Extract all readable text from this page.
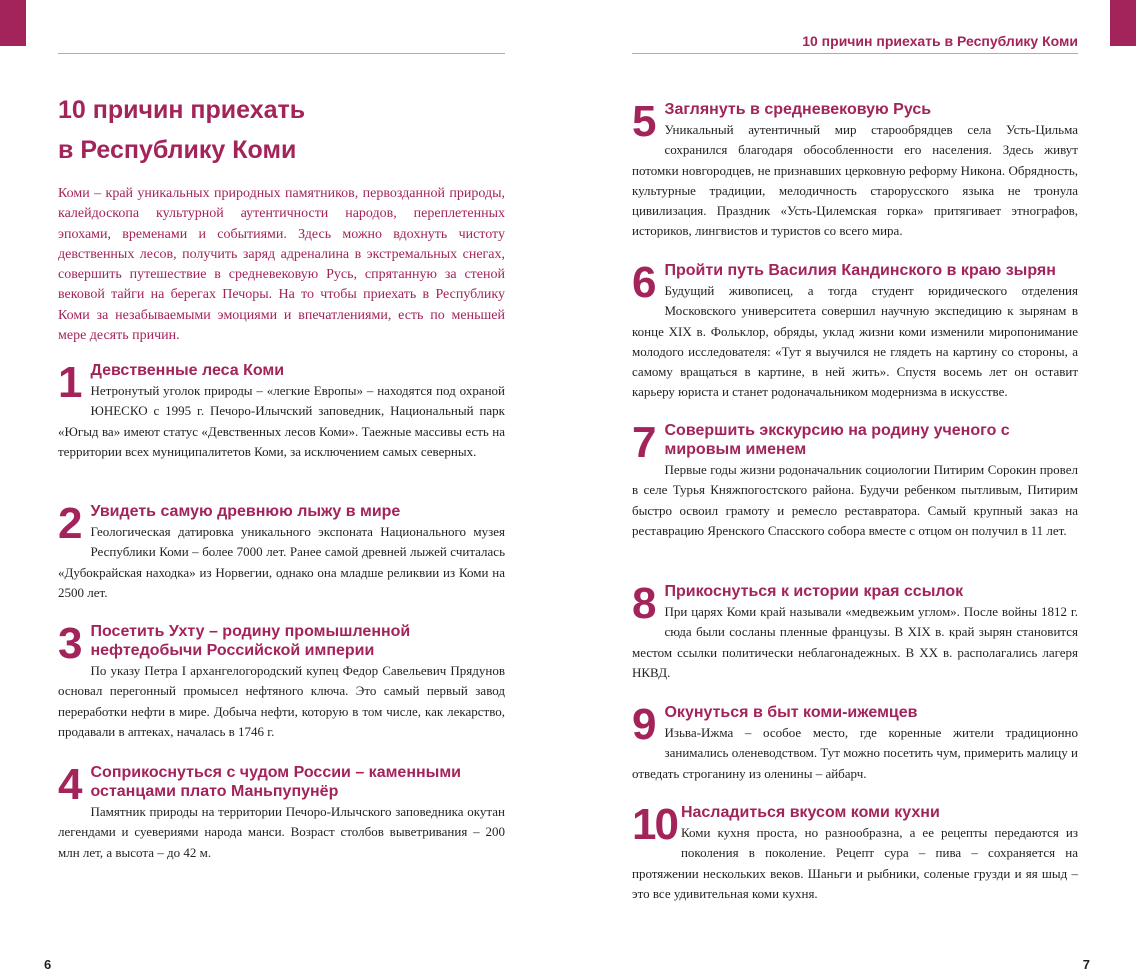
10 причин приехать
в Республику Коми

Коми – край уникальных природных памятников, первозданной природы, калейдоскопа культурной аутентичности народов, переплетенных эпохами, временами и событиями. Здесь можно вдохнуть чистоту девственных лесов, получить заряд адреналина в экстремальных снегах, совершить путешествие в средневековую Русь, спрятанную за стеной вековой тайги на берегах Печоры. На то чтобы приехать в Республику Коми за незабываемыми эмоциями и впечатлениями, есть по меньшей мере десять причин.

1 Девственные леса Коми
Нетронутый уголок природы – «легкие Европы» – находятся под охраной ЮНЕСКО с 1995 г. Печоро-Илычский заповедник, Национальный парк «Югыд ва» имеют статус «Девственных лесов Коми». Таежные массивы есть на территории всех муниципалитетов Коми, за исключением самых северных.
2 Увидеть самую древнюю лыжу в мире
Геологическая датировка уникального экспоната Национального музея Республики Коми – более 7000 лет. Ранее самой древней лыжей считалась «Дубокрайская находка» из Норвегии, однако она младше реликвии из Коми на 2500 лет.
3 Посетить Ухту – родину промышленной нефтедобычи Российской империи
По указу Петра I архангелогородский купец Федор Савельевич Прядунов основал перегонный промысел нефтяного ключа. Это самый первый завод переработки нефти в мире. Добыча нефти, которую в том числе, как лекарство, продавали в аптеках, началась в 1746 г.
4 Соприкоснуться с чудом России – каменными останцами плато Маньпупунёр
Памятник природы на территории Печоро-Илычского заповедника окутан легендами и суевериями народа манси. Возраст столбов выветривания – 200 млн лет, а высота – до 42 м.
6
10 причин приехать в Республику Коми
5 Заглянуть в средневековую Русь
Уникальный аутентичный мир старообрядцев села Усть-Цильма сохранился благодаря обособленности его населения. Здесь живут потомки новгородцев, не признавших церковную реформу Никона. Обрядность, культурные традиции, мелодичность старорусского языка не тронула цивилизация. Праздник «Усть-Цилемская горка» притягивает этнографов, историков, лингвистов и туристов со всего мира.
6 Пройти путь Василия Кандинского в краю зырян
Будущий живописец, а тогда студент юридического отделения Московского университета совершил научную экспедицию к зырянам в конце XIX в. Фольклор, обряды, уклад жизни коми изменили миропонимание молодого исследователя: «Тут я выучился не глядеть на картину со стороны, а самому вращаться в картине, в ней жить». Спустя восемь лет он оставит карьеру юриста и станет родоначальником модернизма в искусстве.
7 Совершить экскурсию на родину ученого с мировым именем
Первые годы жизни родоначальник социологии Питирим Сорокин провел в селе Турья Княжпогостского района. Будучи ребенком пытливым, Питирим быстро освоил грамоту и ремесло реставратора. Самый крупный заказ на реставрацию Яренского Спасского собора вместе с отцом он получил в 11 лет.
8 Прикоснуться к истории края ссылок
При царях Коми край называли «медвежьим углом». После войны 1812 г. сюда были сосланы пленные французы. В XIX в. край зырян становится местом ссылки политически неблагонадежных. В XX в. располагались лагеря НКВД.
9 Окунуться в быт коми-ижемцев
Изьва-Ижма – особое место, где коренные жители традиционно занимались оленеводством. Тут можно посетить чум, примерить малицу и отведать строганину из оленины – айбарч.
10 Насладиться вкусом коми кухни
Коми кухня проста, но разнообразна, а ее рецепты передаются из поколения в поколение. Рецепт сура – пива – сохраняется на протяжении нескольких веков. Шаньги и рыбники, соленые грузди и яя шыд – это все удивительная коми кухня.
7
